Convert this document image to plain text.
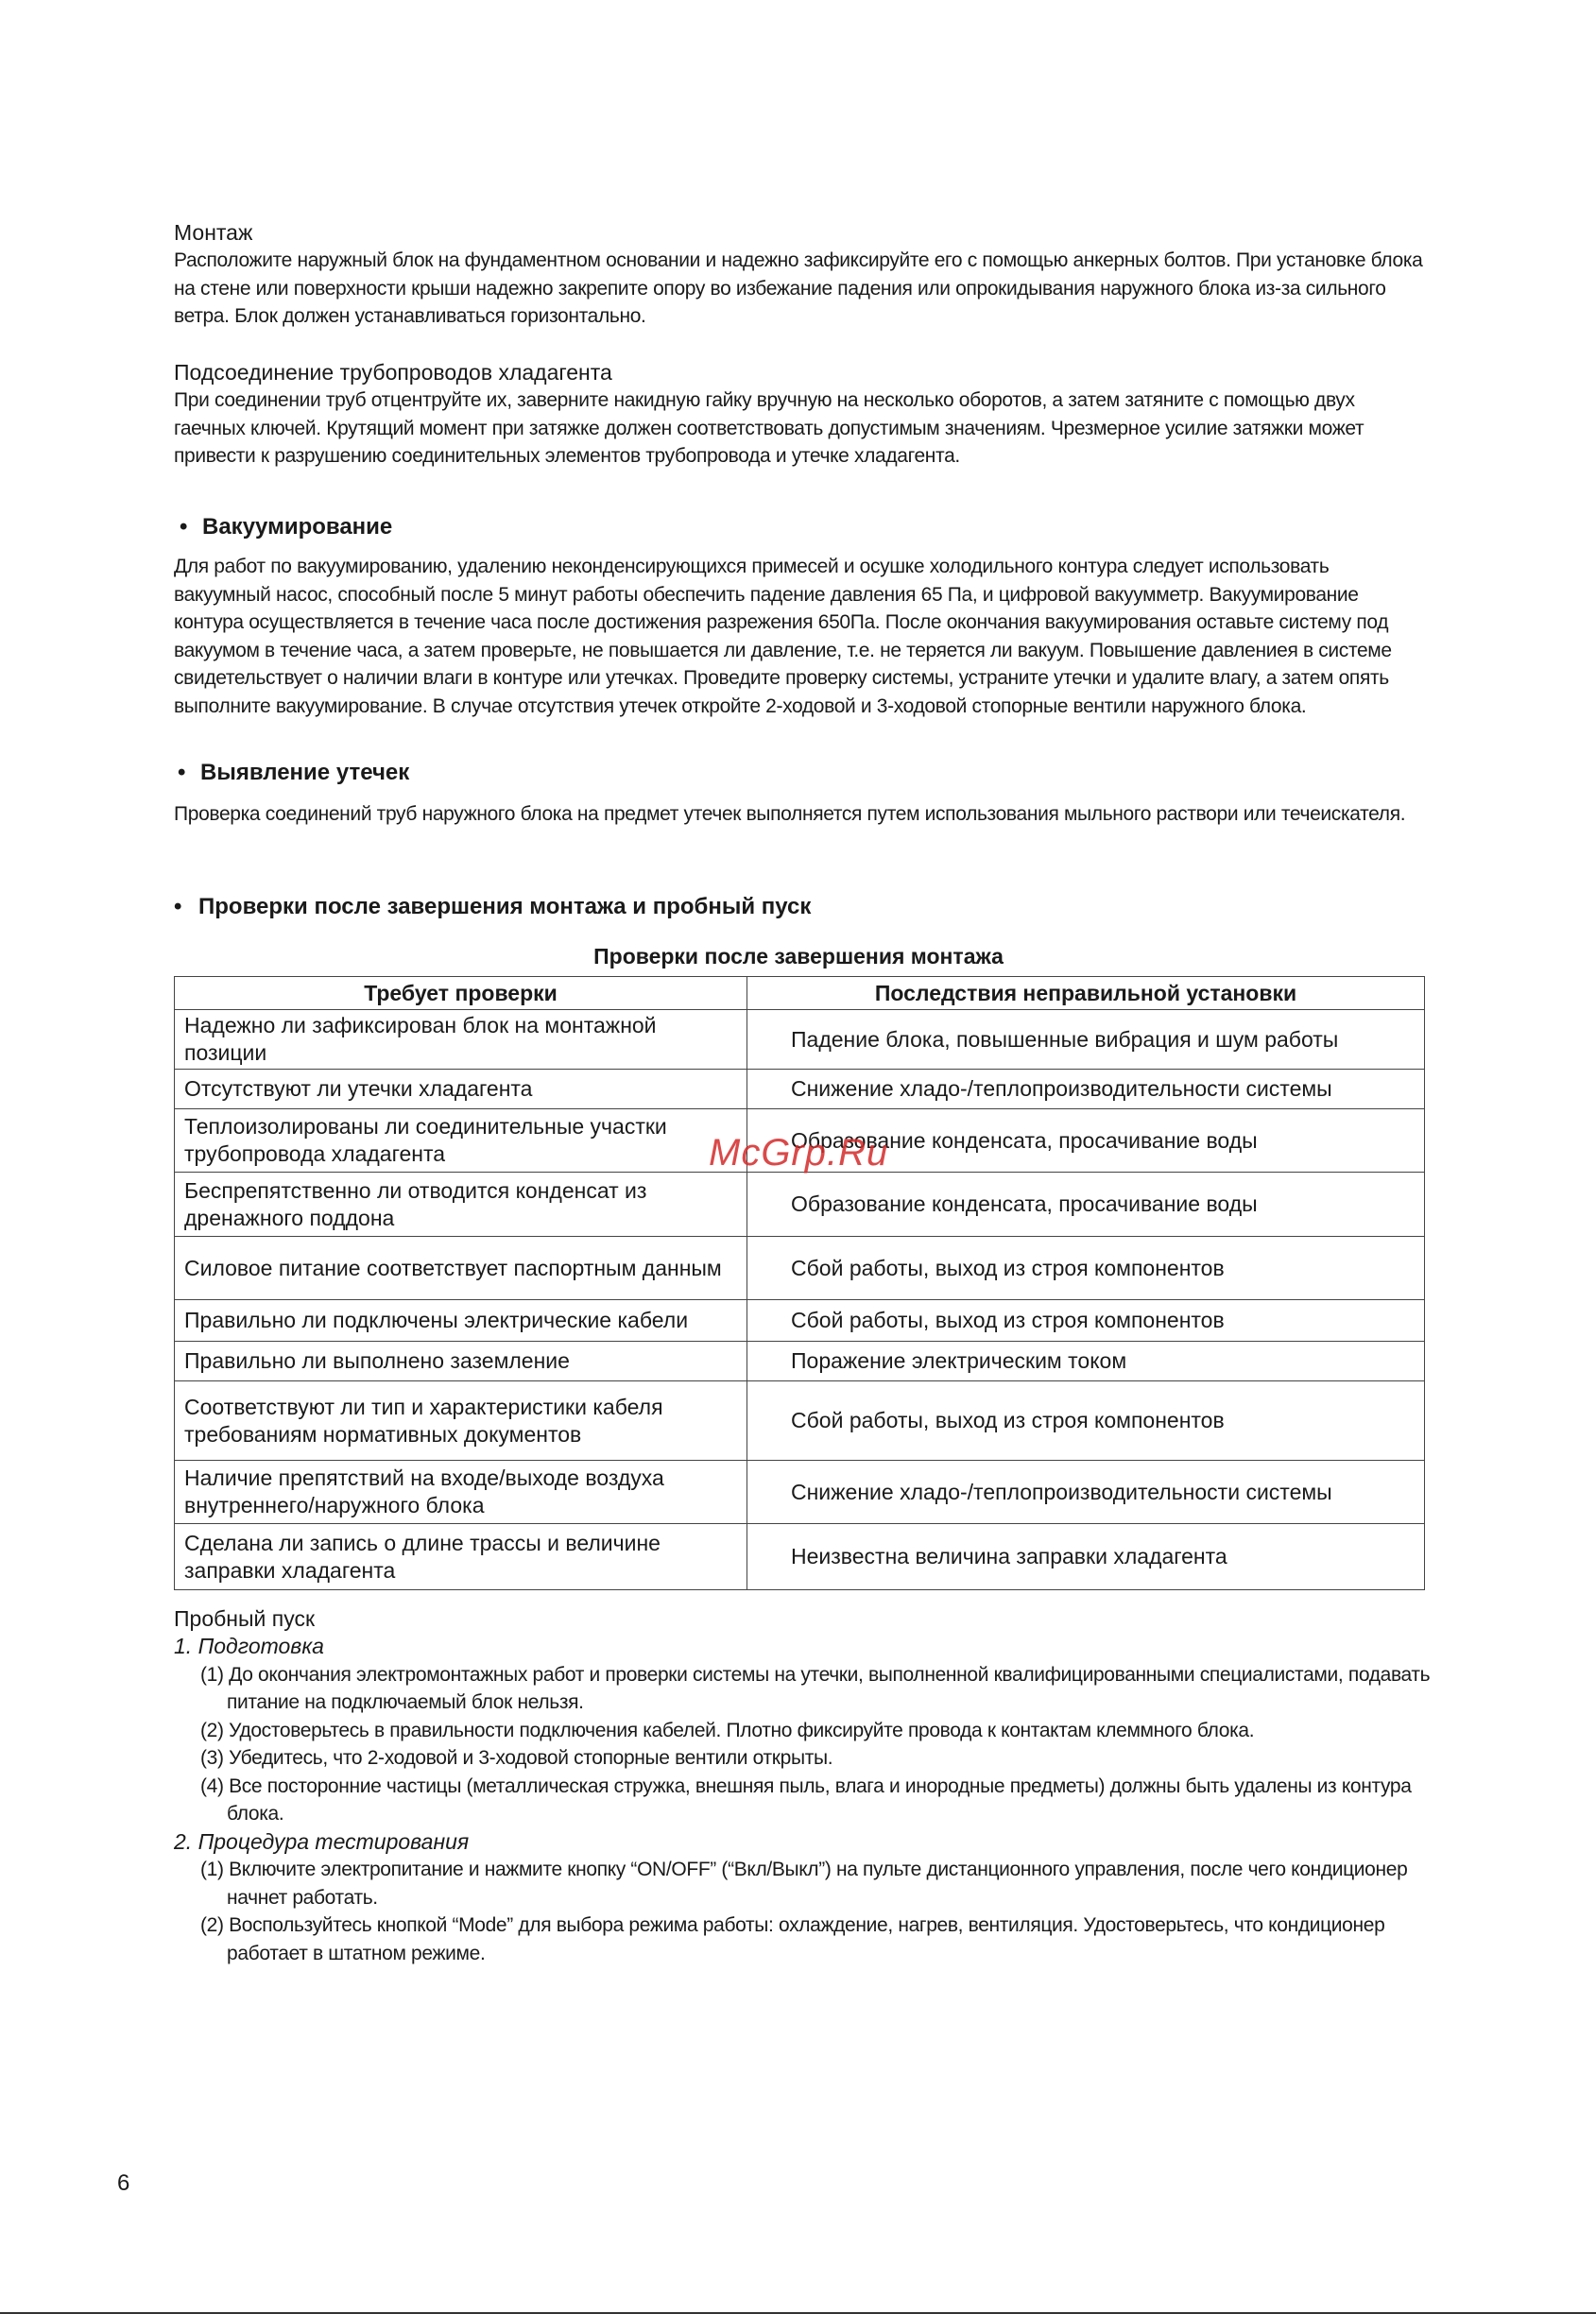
Монтаж

Расположите наружный блок на фундаментном основании и надежно зафиксируйте его с помощью анкерных болтов. При установке блока на стене или поверхности крыши надежно закрепите опору во избежание падения или опрокидывания наружного блока из-за сильного ветра. Блок должен устанавливаться горизонтально.

Подсоединение трубопроводов хладагента

При соединении труб отцентруйте их, заверните накидную гайку вручную на несколько оборотов, а затем затяните с помощью двух гаечных ключей. Крутящий момент при затяжке должен соответствовать допустимым значениям. Чрезмерное усилие затяжки может привести к разрушению соединительных элементов трубопровода и утечке хладагента.

• Вакуумирование

Для работ по вакуумированию, удалению неконденсирующихся примесей и осушке холодильного контура следует использовать вакуумный насос, способный после 5 минут работы обеспечить падение давления 65 Па, и цифровой вакуумметр. Вакуумирование контура осуществляется в течение часа после достижения разрежения 650Па. После окончания вакуумирования оставьте систему под вакуумом в течение часа, а затем проверьте, не повышается ли давление, т.е. не теряется ли вакуум. Повышение давлениея в системе свидетельствует о наличии влаги в контуре или утечках. Проведите проверку системы, устраните утечки и удалите влагу, а затем опять выполните вакуумирование. В случае отсутствия утечек откройте 2-ходовой и 3-ходовой стопорные вентили наружного блока.

• Выявление утечек

Проверка соединений труб наружного блока на предмет утечек выполняется путем использования мыльного раствори или течеискателя.

• Проверки после завершения монтажа и пробный пуск
Проверки после завершения монтажа
Требует проверки	Последствия неправильной установки
Надежно ли зафиксирован блок на монтажной позиции	Падение блока, повышенные вибрация и шум работы
Отсутствуют ли утечки хладагента	Снижение хладо-/теплопроизводительности системы
Теплоизолированы ли соединительные участки трубопровода хладагента	Образование конденсата, просачивание воды
Беспрепятственно ли отводится конденсат из дренажного поддона	Образование конденсата, просачивание воды
Силовое питание соответствует паспортным данным	Сбой работы, выход из строя компонентов
Правильно ли подключены электрические кабели	Сбой работы, выход из строя компонентов
Правильно ли выполнено заземление	Поражение электрическим током
Соответствуют ли тип и характеристики кабеля требованиям нормативных документов	Сбой работы, выход из строя компонентов
Наличие препятствий на входе/выходе воздуха внутреннего/наружного блока	Снижение хладо-/теплопроизводительности системы
Сделана ли запись о длине трассы и величине заправки хладагента	Неизвестна величина заправки хладагента
Пробный пуск

1. Подготовка

(1) До окончания электромонтажных работ и проверки системы на утечки, выполненной квалифицированными специалистами, подавать питание на подключаемый блок нельзя.

(2) Удостоверьтесь в правильности подключения кабелей. Плотно фиксируйте провода к контактам клеммного блока.

(3) Убедитесь, что 2-ходовой и 3-ходовой стопорные вентили открыты.

(4) Все посторонние частицы (металлическая стружка, внешняя пыль, влага и инородные предметы) должны быть удалены из контура блока.

2. Процедура тестирования

(1) Включите электропитание и нажмите кнопку “ON/OFF” (“Вкл/Выкл”) на пульте дистанционного управления, после чего кондиционер начнет работать.

(2) Воспользуйтесь кнопкой “Mode” для выбора режима работы: охлаждение, нагрев, вентиляция. Удостоверьтесь, что кондиционер работает в штатном режиме.

McGrp.Ru
6
